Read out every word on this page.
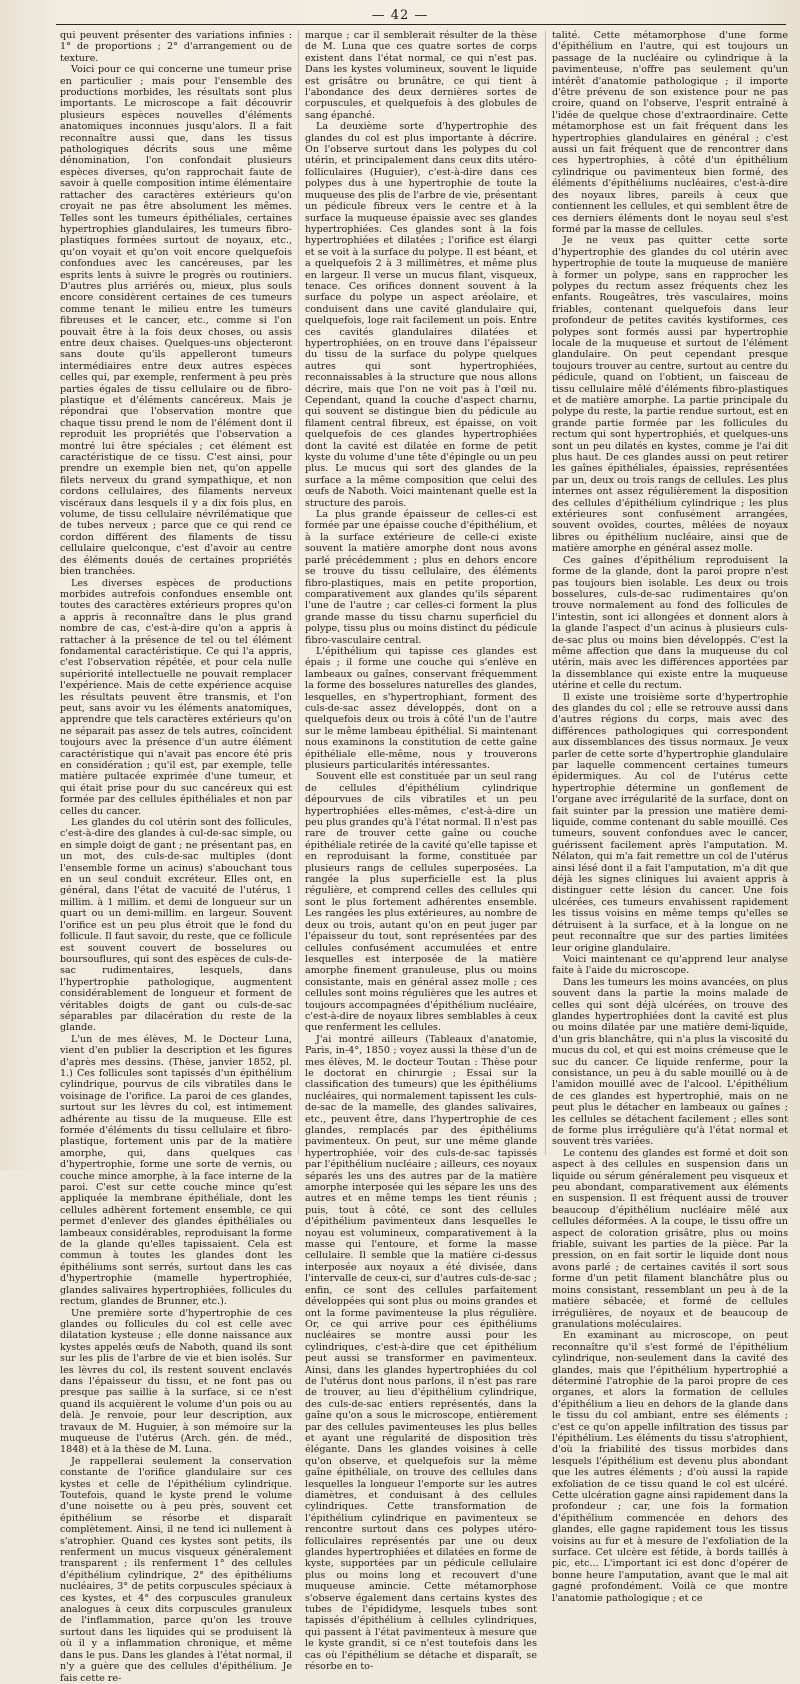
— 42 —

qui peuvent présenter des variations infinies : 1° de proportions ; 2° d'arrangement ou de texture.

Voici pour ce qui concerne une tumeur prise en particulier ; mais pour l'ensemble des productions morbides, les résultats sont plus importants. Le microscope a fait découvrir plusieurs espèces nouvelles d'éléments anatomiques inconnues jusqu'alors. Il a fait reconnaître aussi que, dans les tissus pathologiques décrits sous une même dénomination, l'on confondait plusieurs espèces diverses, qu'on rapprochait faute de savoir à quelle composition intime élémentaire rattacher des caractères extérieurs qu'on croyait ne pas être absolument les mêmes. Telles sont les tumeurs épithéliales, certaines hypertrophies glandulaires, les tumeurs fibro-plastiques formées surtout de noyaux, etc., qu'on voyait et qu'on voit encore quelquefois confondues avec les cancéreuses, par les esprits lents à suivre le progrès ou routiniers. D'autres plus arriérés ou, mieux, plus souls encore considèrent certaines de ces tumeurs comme tenant le milieu entre les tumeurs fibreuses et le cancer, etc., comme si l'on pouvait être à la fois deux choses, ou assis entre deux chaises. Quelques-uns objecteront sans doute qu'ils appelleront tumeurs intermédiaires entre deux autres espèces celles qui, par exemple, renferment à peu près parties égales de tissu cellulaire ou de fibro-plastique et d'éléments cancéreux. Mais je répondrai que l'observation montre que chaque tissu prend le nom de l'élément dont il reproduit les propriétés que l'observation a montré lui être spéciales ; cet élément est caractéristique de ce tissu. C'est ainsi, pour prendre un exemple bien net, qu'on appelle filets nerveux du grand sympathique, et non cordons cellulaires, des filaments nerveux viscéraux dans lesquels il y a dix fois plus, en volume, de tissu cellulaire névrilématique que de tubes nerveux ; parce que ce qui rend ce cordon différent des filaments de tissu cellulaire quelconque, c'est d'avoir au centre des éléments doués de certaines propriétés bien tranchées.

Les diverses espèces de productions morbides autrefois confondues ensemble ont toutes des caractères extérieurs propres qu'on a appris à reconnaître dans le plus grand nombre de cas, c'est-à-dire qu'on a appris à rattacher à la présence de tel ou tel élément fondamental caractéristique. Ce qui l'a appris, c'est l'observation répétée, et pour cela nulle supériorité intellectuelle ne pouvait remplacer l'expérience. Mais de cette expérience acquise les résultats peuvent être transmis, et l'on peut, sans avoir vu les éléments anatomiques, apprendre que tels caractères extérieurs qu'on ne séparait pas assez de tels autres, coïncident toujours avec la présence d'un autre élément caractéristique qui n'avait pas encore été pris en considération ; qu'il est, par exemple, telle matière pultacée exprimée d'une tumeur, et qui était prise pour du suc cancéreux qui est formée par des cellules épithéliales et non par celles du cancer.

Les glandes du col utérin sont des follicules, c'est-à-dire des glandes à cul-de-sac simple, ou en simple doigt de gant ; ne présentant pas, en un mot, des culs-de-sac multiples (dont l'ensemble forme un acinus) s'abouchant tous en un seul conduit excréteur. Elles ont, en général, dans l'état de vacuité de l'utérus, 1 millim. à 1 millim. et demi de longueur sur un quart ou un demi-millim. en largeur. Souvent l'orifice est un peu plus étroit que le fond du follicule. Il faut savoir, du reste, que ce follicule est souvent couvert de bosselures ou boursouflures, qui sont des espèces de culs-de-sac rudimentaires, lesquels, dans l'hypertrophie pathologique, augmentent considérablement de longueur et forment de véritables doigts de gant ou culs-de-sac séparables par dilacération du reste de la glande.

L'un de mes élèves, M. le Docteur Luna, vient d'en publier la description et les figures d'après mes dessins. (Thèse, janvier 1852, pl. 1.) Ces follicules sont tapissés d'un épithélium cylindrique, pourvus de cils vibratiles dans le voisinage de l'orifice. La paroi de ces glandes, surtout sur les lèvres du col, est intimement adhérente au tissu de la muqueuse. Elle est formée d'éléments du tissu cellulaire et fibro-plastique, fortement unis par de la matière amorphe, qui, dans quelques cas d'hypertrophie, forme une sorte de vernis, ou couche mince amorphe, à la face interne de la paroi. C'est sur cette couche mince qu'est appliquée la membrane épithéliale, dont les cellules adhèrent fortement ensemble, ce qui permet d'enlever des glandes épithéliales ou lambeaux considérables, reproduisant la forme de la glande qu'elles tapissaient. Cela est commun à toutes les glandes dont les épithéliums sont serrés, surtout dans les cas d'hypertrophie (mamelle hypertrophiée, glandes salivaires hypertrophiées, follicules du rectum, glandes de Brunner, etc.).

Une première sorte d'hypertrophie de ces glandes ou follicules du col est celle avec dilatation kysteuse ; elle donne naissance aux kystes appelés œufs de Naboth, quand ils sont sur les plis de l'arbre de vie et bien isolés. Sur les lèvres du col, ils restent souvent enclavés dans l'épaisseur du tissu, et ne font pas ou presque pas saillie à la surface, si ce n'est quand ils acquièrent le volume d'un pois ou au delà. Je renvoie, pour leur description, aux travaux de M. Huguier, à son mémoire sur la muqueuse de l'utérus (Arch. gén. de méd., 1848) et à la thèse de M. Luna.

Je rappellerai seulement la conservation constante de l'orifice glandulaire sur ces kystes et celle de l'épithélium cylindrique. Toutefois, quand le kyste prend le volume d'une noisette ou à peu près, souvent cet épithélium se résorbe et disparaît complètement. Ainsi, il ne tend ici nullement à s'atrophier. Quand ces kystes sont petits, ils renferment un mucus visqueux généralement transparent ; ils renferment 1° des cellules d'épithélium cylindrique, 2° des épithéliums nucléaires, 3° de petits corpuscules spéciaux à ces kystes, et 4° des corpuscules granuleux analogues à ceux dits corpuscules granuleux de l'inflammation, parce qu'on les trouve surtout dans les liquides qui se produisent là où il y a inflammation chronique, et même dans le pus. Dans les glandes à l'état normal, il n'y a guère que des cellules d'épithélium. Je fais cette re-

marque ; car il semblerait résulter de la thèse de M. Luna que ces quatre sortes de corps existent dans l'état normal, ce qui n'est pas. Dans les kystes volumineux, souvent le liquide est grisâtre ou brunâtre, ce qui tient à l'abondance des deux dernières sortes de corpuscules, et quelquefois à des globules de sang épanché.

La deuxième sorte d'hypertrophie des glandes du col est plus importante à décrire. On l'observe surtout dans les polypes du col utérin, et principalement dans ceux dits utéro-folliculaires (Huguier), c'est-à-dire dans ces polypes dus à une hypertrophie de toute la muqueuse des plis de l'arbre de vie, présentant un pédicule fibreux vers le centre et à la surface la muqueuse épaissie avec ses glandes hypertrophiées. Ces glandes sont à la fois hypertrophiées et dilatées ; l'orifice est élargi et se voit à la surface du polype. Il est béant, et a quelquefois 2 à 3 millimètres, et même plus en largeur. Il verse un mucus filant, visqueux, tenace. Ces orifices donnent souvent à la surface du polype un aspect aréolaire, et conduisent dans une cavité glandulaire qui, quelquefois, loge rait facilement un pois. Entre ces cavités glandulaires dilatées et hypertrophiées, on en trouve dans l'épaisseur du tissu de la surface du polype quelques autres qui sont hypertrophiées, reconnaissables à la structure que nous allons décrire, mais que l'on ne voit pas à l'œil nu. Cependant, quand la couche d'aspect charnu, qui souvent se distingue bien du pédicule au filament central fibreux, est épaisse, on voit quelquefois de ces glandes hypertrophiées dont la cavité est dilatée en forme de petit kyste du volume d'une tête d'épingle ou un peu plus. Le mucus qui sort des glandes de la surface a la même composition que celui des œufs de Naboth. Voici maintenant quelle est la structure des parois.

La plus grande épaisseur de celles-ci est formée par une épaisse couche d'épithélium, et à la surface extérieure de celle-ci existe souvent la matière amorphe dont nous avons parlé précédemment ; plus en dehors encore se trouve du tissu cellulaire, des éléments fibro-plastiques, mais en petite proportion, comparativement aux glandes qu'ils séparent l'une de l'autre ; car celles-ci forment la plus grande masse du tissu charnu superficiel du polype, tissu plus ou moins distinct du pédicule fibro-vasculaire central.

L'épithélium qui tapisse ces glandes est épais ; il forme une couche qui s'enlève en lambeaux ou gaînes, conservant fréquemment la forme des bosselures naturelles des glandes, lesquelles, en s'hypertrophiant, forment des culs-de-sac assez développés, dont on a quelquefois deux ou trois à côté l'un de l'autre sur le même lambeau épithélial. Si maintenant nous examinons la constitution de cette gaîne épithéliale elle-même, nous y trouverons plusieurs particularités intéressantes.

Souvent elle est constituée par un seul rang de cellules d'épithélium cylindrique dépourvues de cils vibratiles et un peu hypertrophiées elles-mêmes, c'est-à-dire un peu plus grandes qu'à l'état normal. Il n'est pas rare de trouver cette gaîne ou couche épithéliale retirée de la cavité qu'elle tapisse et en reproduisant la forme, constituée par plusieurs rangs de cellules superposées. La rangée la plus superficielle est la plus régulière, et comprend celles des cellules qui sont le plus fortement adhérentes ensemble. Les rangées les plus extérieures, au nombre de deux ou trois, autant qu'on en peut juger par l'épaisseur du tout, sont représentées par des cellules confusément accumulées et entre lesquelles est interposée de la matière amorphe finement granuleuse, plus ou moins consistante, mais en général assez molle ; ces cellules sont moins régulières que les autres et toujours accompagnées d'épithélium nucléaire, c'est-à-dire de noyaux libres semblables à ceux que renferment les cellules.

J'ai montré ailleurs (Tableaux d'anatomie, Paris, in-4°, 1850 ; voyez aussi la thèse d'un de mes élèves, M. le docteur Toutan : Thèse pour le doctorat en chirurgie ; Essai sur la classification des tumeurs) que les épithéliums nucléaires, qui normalement tapissent les culs-de-sac de la mamelle, des glandes salivaires, etc., peuvent être, dans l'hypertrophie de ces glandes, remplacés par des épithéliums pavimenteux. On peut, sur une même glande hypertrophiée, voir des culs-de-sac tapissés par l'épithélium nucléaire ; ailleurs, ces noyaux séparés les uns des autres par de la matière amorphe interposée qui les sépare les uns des autres et en même temps les tient réunis ; puis, tout à côté, ce sont des cellules d'épithélium pavimenteux dans lesquelles le noyau est volumineux, comparativement à la masse qui l'entoure, et forme la masse cellulaire. Il semble que la matière ci-dessus interposée aux noyaux a été divisée, dans l'intervalle de ceux-ci, sur d'autres culs-de-sac ; enfin, ce sont des cellules parfaitement développées qui sont plus ou moins grandes et ont la forme pavimenteuse la plus régulière. Or, ce qui arrive pour ces épithéliums nucléaires se montre aussi pour les cylindriques, c'est-à-dire que cet épithélium peut aussi se transformer en pavimenteux. Ainsi, dans les glandes hypertrophiées du col de l'utérus dont nous parlons, il n'est pas rare de trouver, au lieu d'épithélium cylindrique, des culs-de-sac entiers représentés, dans la gaîne qu'on a sous le microscope, entièrement par des cellules pavimenteuses les plus belles et ayant une régularité de disposition très élégante. Dans les glandes voisines à celle qu'on observe, et quelquefois sur la même gaîne épithéliale, on trouve des cellules dans lesquelles la longueur l'emporte sur les autres diamètres, et conduisant à des cellules cylindriques. Cette transformation de l'épithélium cylindrique en pavimenteux se rencontre surtout dans ces polypes utéro-folliculaires représentés par une ou deux glandes hypertrophiées et dilatées en forme de kyste, supportées par un pédicule cellulaire plus ou moins long et recouvert d'une muqueuse amincie. Cette métamorphose s'observe également dans certains kystes des tubes de l'épididyme, lesquels tubes sont tapissés d'épithélium à cellules cylindriques, qui passent à l'état pavimenteux à mesure que le kyste grandit, si ce n'est toutefois dans les cas où l'épithélium se détache et disparaît, se résorbe en to-

talité. Cette métamorphose d'une forme d'épithélium en l'autre, qui est toujours un passage de la nucléaire ou cylindrique à la pavimenteuse, n'offre pas seulement qu'un intérêt d'anatomie pathologique ; il importe d'être prévenu de son existence pour ne pas croire, quand on l'observe, l'esprit entraîné à l'idée de quelque chose d'extraordinaire. Cette métamorphose est un fait fréquent dans les hypertrophies glandulaires en général ; c'est aussi un fait fréquent que de rencontrer dans ces hypertrophies, à côté d'un épithélium cylindrique ou pavimenteux bien formé, des éléments d'épithéliums nucléaires, c'est-à-dire des noyaux libres, pareils à ceux que contiennent les cellules, et qui semblent être de ces derniers éléments dont le noyau seul s'est formé par la masse de cellules.

Je ne veux pas quitter cette sorte d'hypertrophie des glandes du col utérin avec hypertrophie de toute la muqueuse de manière à former un polype, sans en rapprocher les polypes du rectum assez fréquents chez les enfants. Rougeâtres, très vasculaires, moins friables, contenant quelquefois dans leur profondeur de petites cavités kystiformes, ces polypes sont formés aussi par hypertrophie locale de la muqueuse et surtout de l'élément glandulaire. On peut cependant presque toujours trouver au centre, surtout au centre du pédicule, quand on l'obtient, un faisceau de tissu cellulaire mêlé d'éléments fibro-plastiques et de matière amorphe. La partie principale du polype du reste, la partie rendue surtout, est en grande partie formée par les follicules du rectum qui sont hypertrophiés, et quelques-uns sont un peu dilatés en kystes, comme je l'ai dit plus haut. De ces glandes aussi on peut retirer les gaînes épithéliales, épaissies, représentées par un, deux ou trois rangs de cellules. Les plus internes ont assez régulièrement la disposition des cellules d'épithélium cylindrique ; les plus extérieures sont confusément arrangées, souvent ovoïdes, courtes, mêlées de noyaux libres ou épithélium nucléaire, ainsi que de matière amorphe en général assez molle.

Ces gaînes d'épithélium reproduisent la forme de la glande, dont la paroi propre n'est pas toujours bien isolable. Les deux ou trois bosselures, culs-de-sac rudimentaires qu'on trouve normalement au fond des follicules de l'intestin, sont ici allongées et donnent alors à la glande l'aspect d'un acinus à plusieurs culs-de-sac plus ou moins bien développés. C'est la même affection que dans la muqueuse du col utérin, mais avec les différences apportées par la dissemblance qui existe entre la muqueuse utérine et celle du rectum.

Il existe une troisième sorte d'hypertrophie des glandes du col ; elle se retrouve aussi dans d'autres régions du corps, mais avec des différences pathologiques qui correspondent aux dissemblances des tissus normaux. Je veux parler de cette sorte d'hypertrophie glandulaire par laquelle commencent certaines tumeurs épidermiques. Au col de l'utérus cette hypertrophie détermine un gonflement de l'organe avec irrégularité de la surface, dont on fait suinter par la pression une matière demi-liquide, comme contenant du sable mouillé. Ces tumeurs, souvent confondues avec le cancer, guérissent facilement après l'amputation. M. Nélaton, qui m'a fait remettre un col de l'utérus ainsi lésé dont il a fait l'amputation, m'a dit que déjà les signes cliniques lui avaient appris à distinguer cette lésion du cancer. Une fois ulcérées, ces tumeurs envahissent rapidement les tissus voisins en même temps qu'elles se détruisent à la surface, et à la longue on ne peut reconnaître que sur des parties limitées leur origine glandulaire.

Voici maintenant ce qu'apprend leur analyse faite à l'aide du microscope.

Dans les tumeurs les moins avancées, on plus souvent dans la partie la moins malade de celles qui sont déjà ulcérées, on trouve des glandes hypertrophiées dont la cavité est plus ou moins dilatée par une matière demi-liquide, d'un gris blanchâtre, qui n'a plus la viscosité du mucus du col, et qui est moins crémeuse que le suc du cancer. Ce liquide renferme, pour la consistance, un peu à du sable mouillé ou à de l'amidon mouillé avec de l'alcool. L'épithélium de ces glandes est hypertrophié, mais on ne peut plus le détacher en lambeaux ou gaînes ; les cellules se détachent facilement ; elles sont de forme plus irrégulière qu'à l'état normal et souvent très variées.

Le contenu des glandes est formé et doit son aspect à des cellules en suspension dans un liquide ou sérum généralement peu visqueux et peu abondant, comparativement aux éléments en suspension. Il est fréquent aussi de trouver beaucoup d'épithélium nucléaire mêlé aux cellules déformées. A la coupe, le tissu offre un aspect de coloration grisâtre, plus ou moins friable, suivant les parties de la pièce. Par la pression, on en fait sortir le liquide dont nous avons parlé ; de certaines cavités il sort sous forme d'un petit filament blanchâtre plus ou moins consistant, ressemblant un peu à de la matière sébacée, et formé de cellules irrégulières, de noyaux et de beaucoup de granulations moléculaires.

En examinant au microscope, on peut reconnaître qu'il s'est formé de l'épithélium cylindrique, non-seulement dans la cavité des glandes, mais que l'épithélium hypertrophié a déterminé l'atrophie de la paroi propre de ces organes, et alors la formation de cellules d'épithélium a lieu en dehors de la glande dans le tissu du col ambiant, entre ses éléments ; c'est ce qu'on appelle infiltration des tissus par l'épithélium. Les éléments du tissu s'atrophient, d'où la friabilité des tissus morbides dans lesquels l'épithélium est devenu plus abondant que les autres éléments ; d'où aussi la rapide exfoliation de ce tissu quand le col est ulcéré. Cette ulcération gagne ainsi rapidement dans la profondeur ; car, une fois la formation d'épithélium commencée en dehors des glandes, elle gagne rapidement tous les tissus voisins au fur et à mesure de l'exfoliation de la surface. Cet ulcère est fétide, à bords taillés à pic, etc... L'important ici est donc d'opérer de bonne heure l'amputation, avant que le mal ait gagné profondément. Voilà ce que montre l'anatomie pathologique ; et ce
